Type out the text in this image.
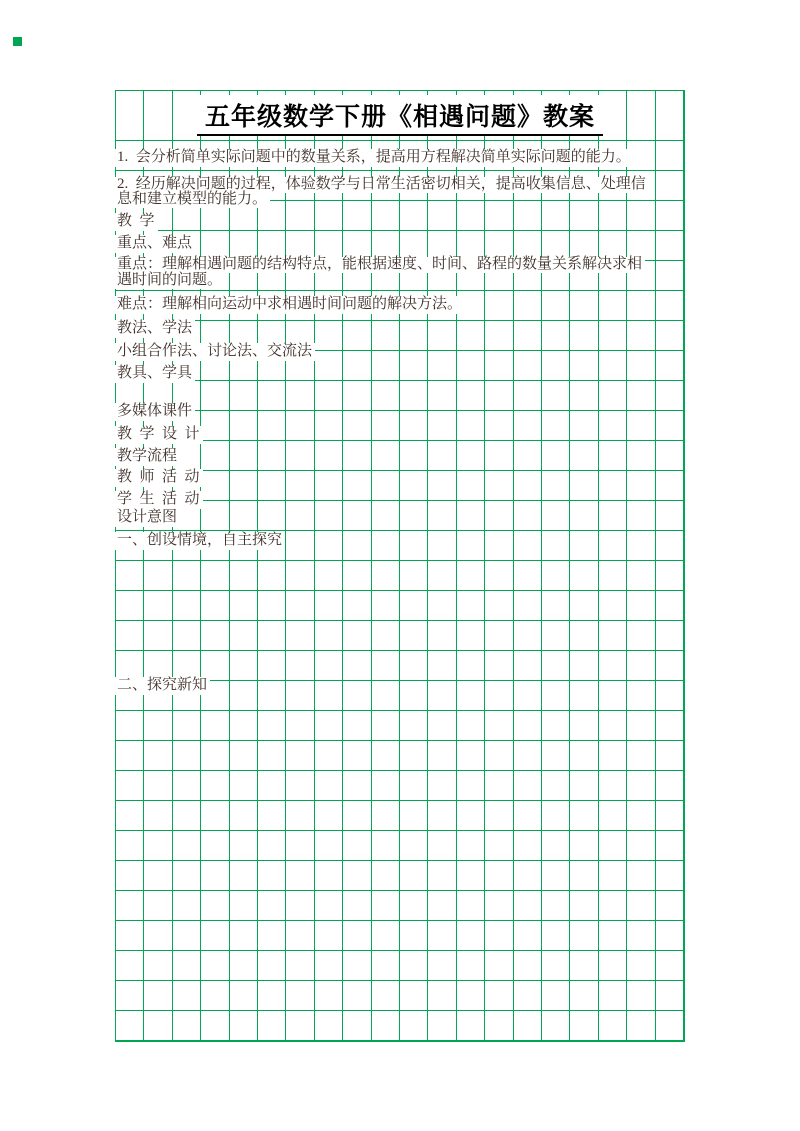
五年级数学下册《相遇问题》教案
1.  会分析简单实际问题中的数量关系，提高用方程解决简单实际问题的能力。
2.  经历解决问题的过程，体验数学与日常生活密切相关，提高收集信息、处理信
息和建立模型的能力。
教  学
重点、难点
重点：理解相遇问题的结构特点，能根据速度、时间、路程的数量关系解决求相
遇时间的问题。
难点：理解相向运动中求相遇时间问题的解决方法。
教法、学法
小组合作法、讨论法、交流法
教具、学具
多媒体课件
教  学  设  计
教学流程
教  师  活  动
学  生  活  动
设计意图
一、创设情境，自主探究
二、探究新知
